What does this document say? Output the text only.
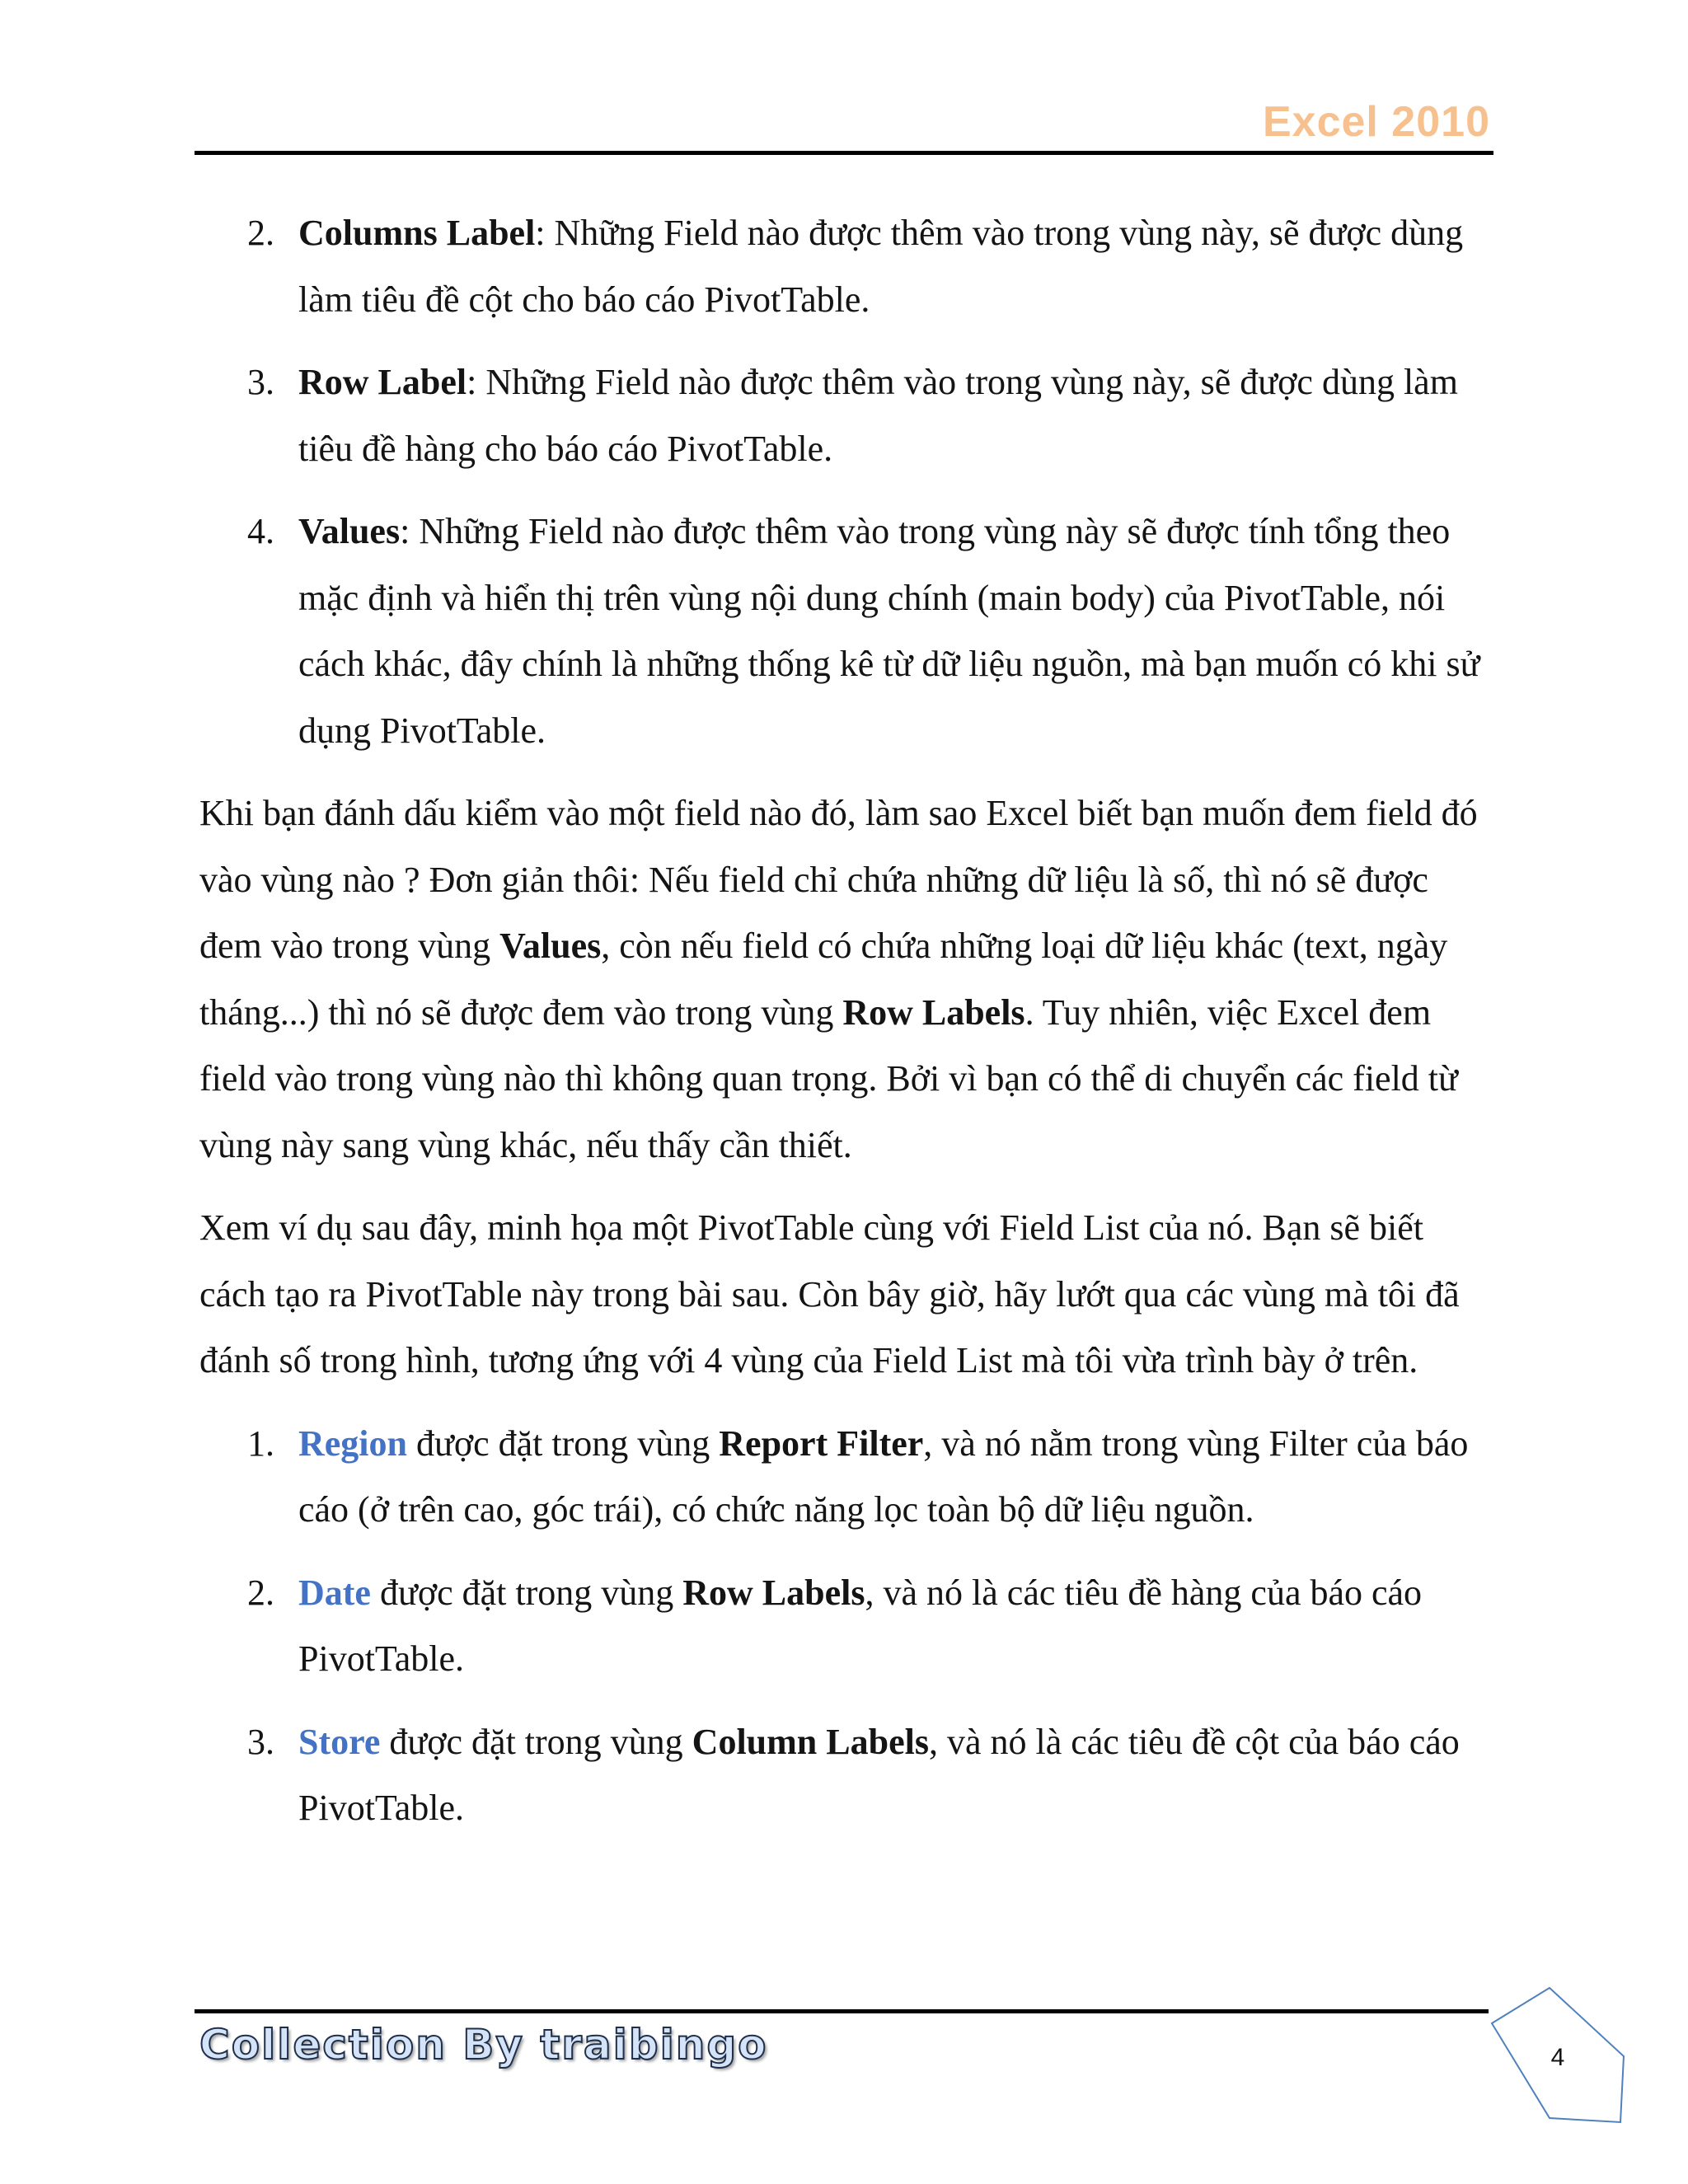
Excel 2010
2. Columns Label: Những Field nào được thêm vào trong vùng này, sẽ được dùng làm tiêu đề cột cho báo cáo PivotTable.
3. Row Label: Những Field nào được thêm vào trong vùng này, sẽ được dùng làm tiêu đề hàng cho báo cáo PivotTable.
4. Values: Những Field nào được thêm vào trong vùng này sẽ được tính tổng theo mặc định và hiển thị trên vùng nội dung chính (main body) của PivotTable, nói cách khác, đây chính là những thống kê từ dữ liệu nguồn, mà bạn muốn có khi sử dụng PivotTable.

Khi bạn đánh dấu kiểm vào một field nào đó, làm sao Excel biết bạn muốn đem field đó vào vùng nào ? Đơn giản thôi: Nếu field chỉ chứa những dữ liệu là số, thì nó sẽ được đem vào trong vùng Values, còn nếu field có chứa những loại dữ liệu khác (text, ngày tháng...) thì nó sẽ được đem vào trong vùng Row Labels. Tuy nhiên, việc Excel đem field vào trong vùng nào thì không quan trọng. Bởi vì bạn có thể di chuyển các field từ vùng này sang vùng khác, nếu thấy cần thiết.

Xem ví dụ sau đây, minh họa một PivotTable cùng với Field List của nó. Bạn sẽ biết cách tạo ra PivotTable này trong bài sau. Còn bây giờ, hãy lướt qua các vùng mà tôi đã đánh số trong hình, tương ứng với 4 vùng của Field List mà tôi vừa trình bày ở trên.

1. Region được đặt trong vùng Report Filter, và nó nằm trong vùng Filter của báo cáo (ở trên cao, góc trái), có chức năng lọc toàn bộ dữ liệu nguồn.
2. Date được đặt trong vùng Row Labels, và nó là các tiêu đề hàng của báo cáo PivotTable.
3. Store được đặt trong vùng Column Labels, và nó là các tiêu đề cột của báo cáo PivotTable.
Collection By traibingo	4
